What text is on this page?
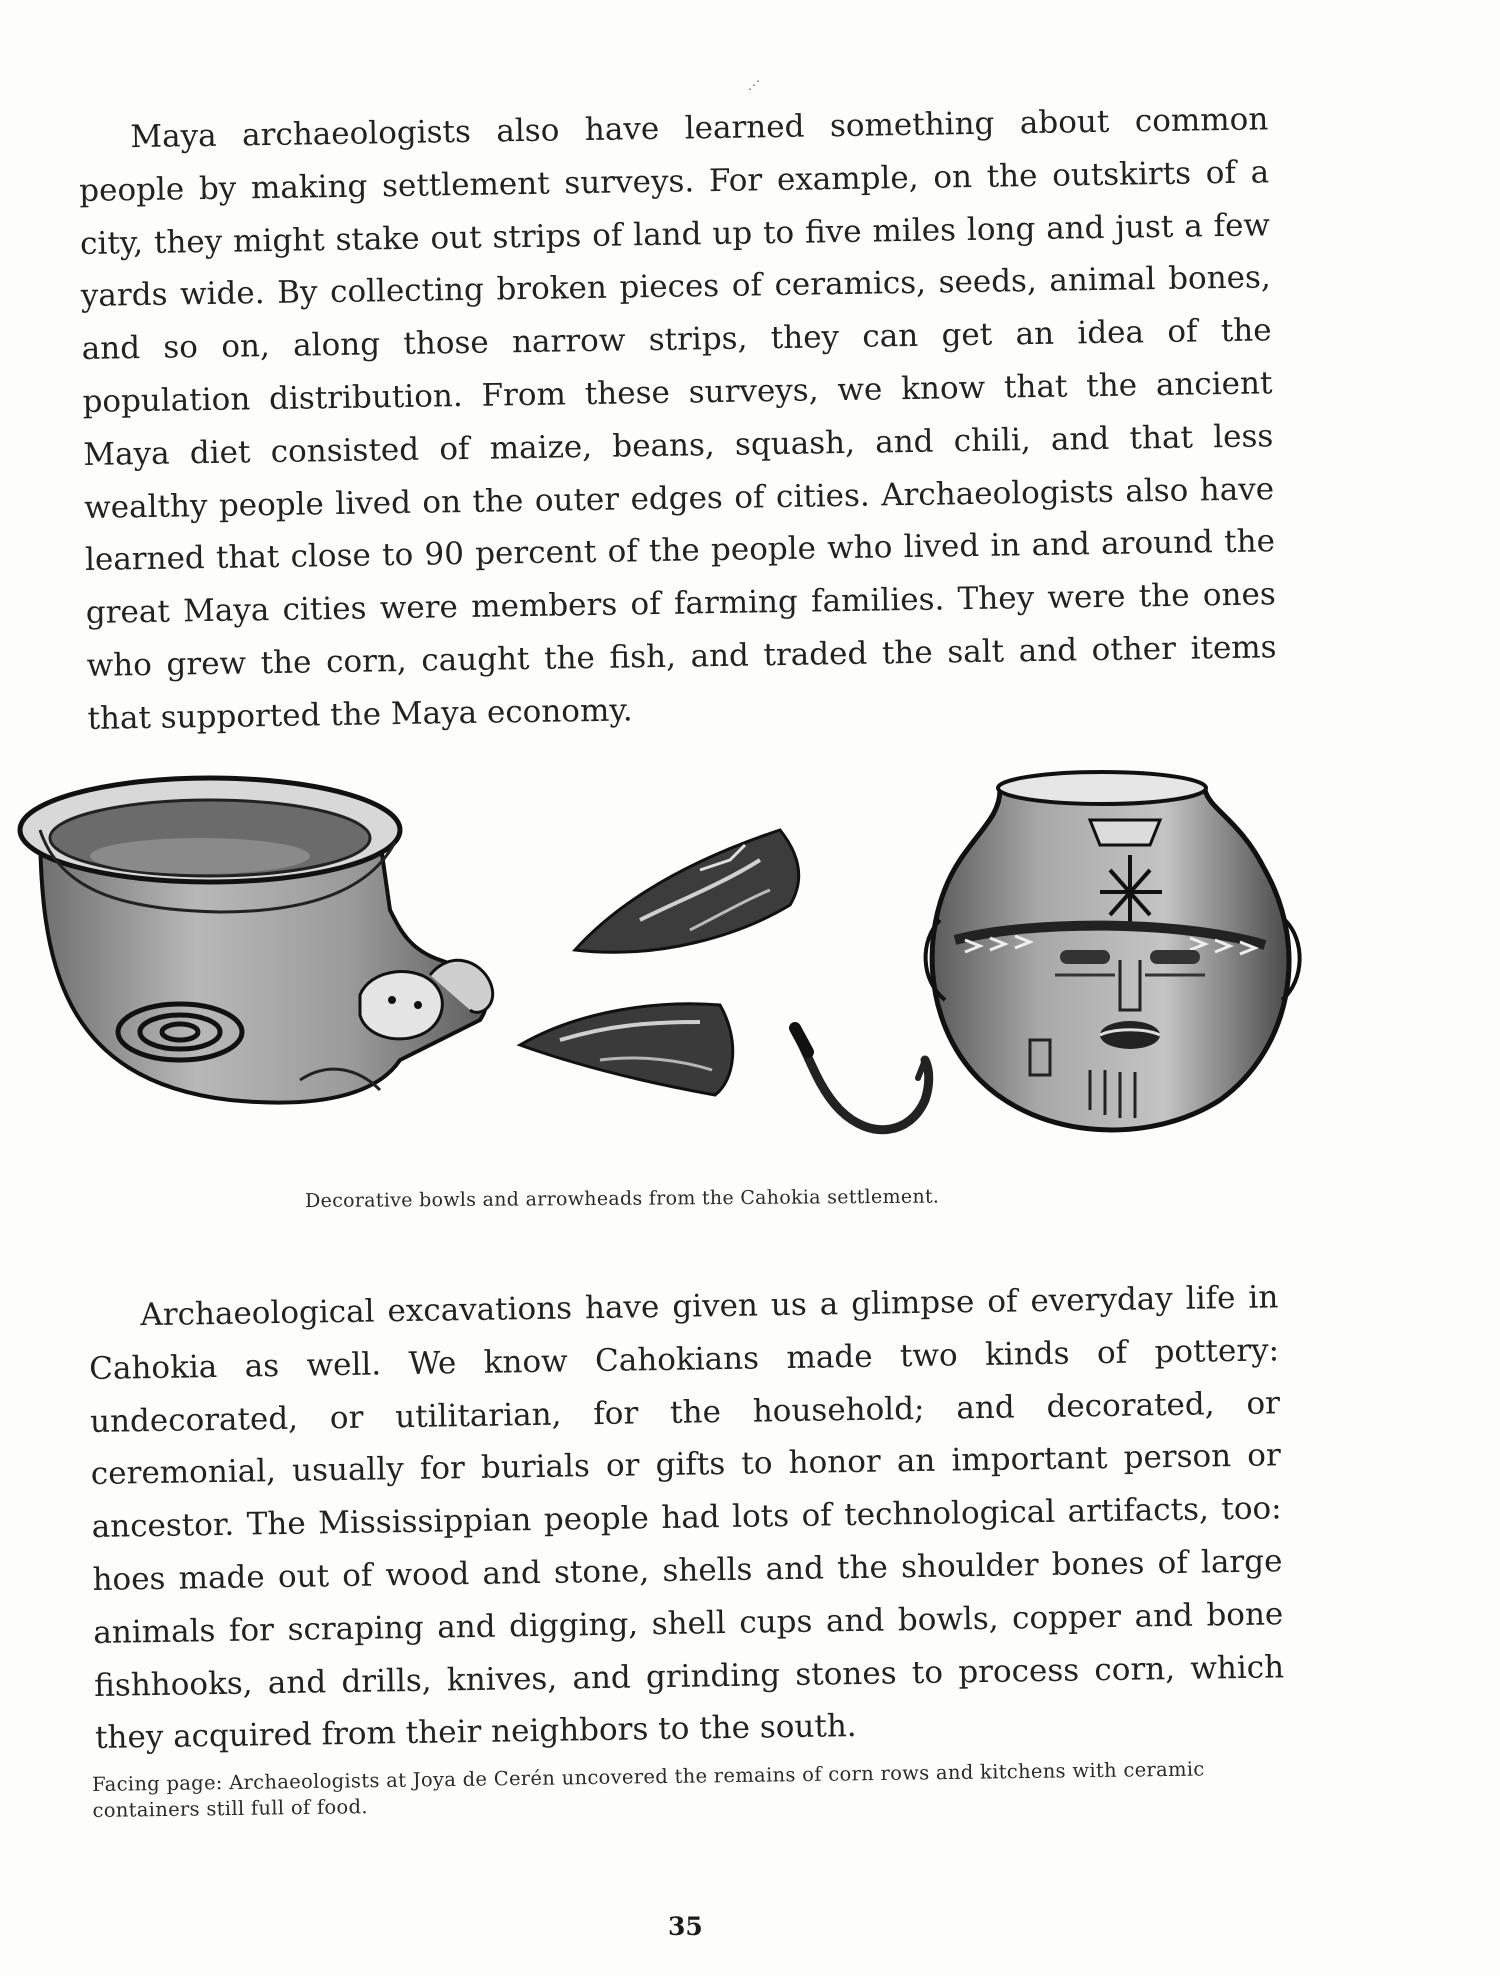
⋰

Maya archaeologists also have learned something about common people by making settlement surveys. For example, on the outskirts of a city, they might stake out strips of land up to five miles long and just a few yards wide. By collecting broken pieces of ceramics, seeds, animal bones, and so on, along those narrow strips, they can get an idea of the population distribution. From these surveys, we know that the ancient Maya diet consisted of maize, beans, squash, and chili, and that less wealthy people lived on the outer edges of cities. Archaeologists also have learned that close to 90 percent of the people who lived in and around the great Maya cities were members of farming families. They were the ones who grew the corn, caught the fish, and traded the salt and other items that supported the Maya economy.

Decorative bowls and arrowheads from the Cahokia settlement.

Archaeological excavations have given us a glimpse of everyday life in Cahokia as well. We know Cahokians made two kinds of pottery: undecorated, or utilitarian, for the household; and decorated, or ceremonial, usually for burials or gifts to honor an important person or ancestor. The Mississippian people had lots of technological artifacts, too: hoes made out of wood and stone, shells and the shoulder bones of large animals for scraping and digging, shell cups and bowls, copper and bone fishhooks, and drills, knives, and grinding stones to process corn, which they acquired from their neighbors to the south.

Facing page: Archaeologists at Joya de Cerén uncovered the remains of corn rows and kitchens with ceramic containers still full of food.
35
